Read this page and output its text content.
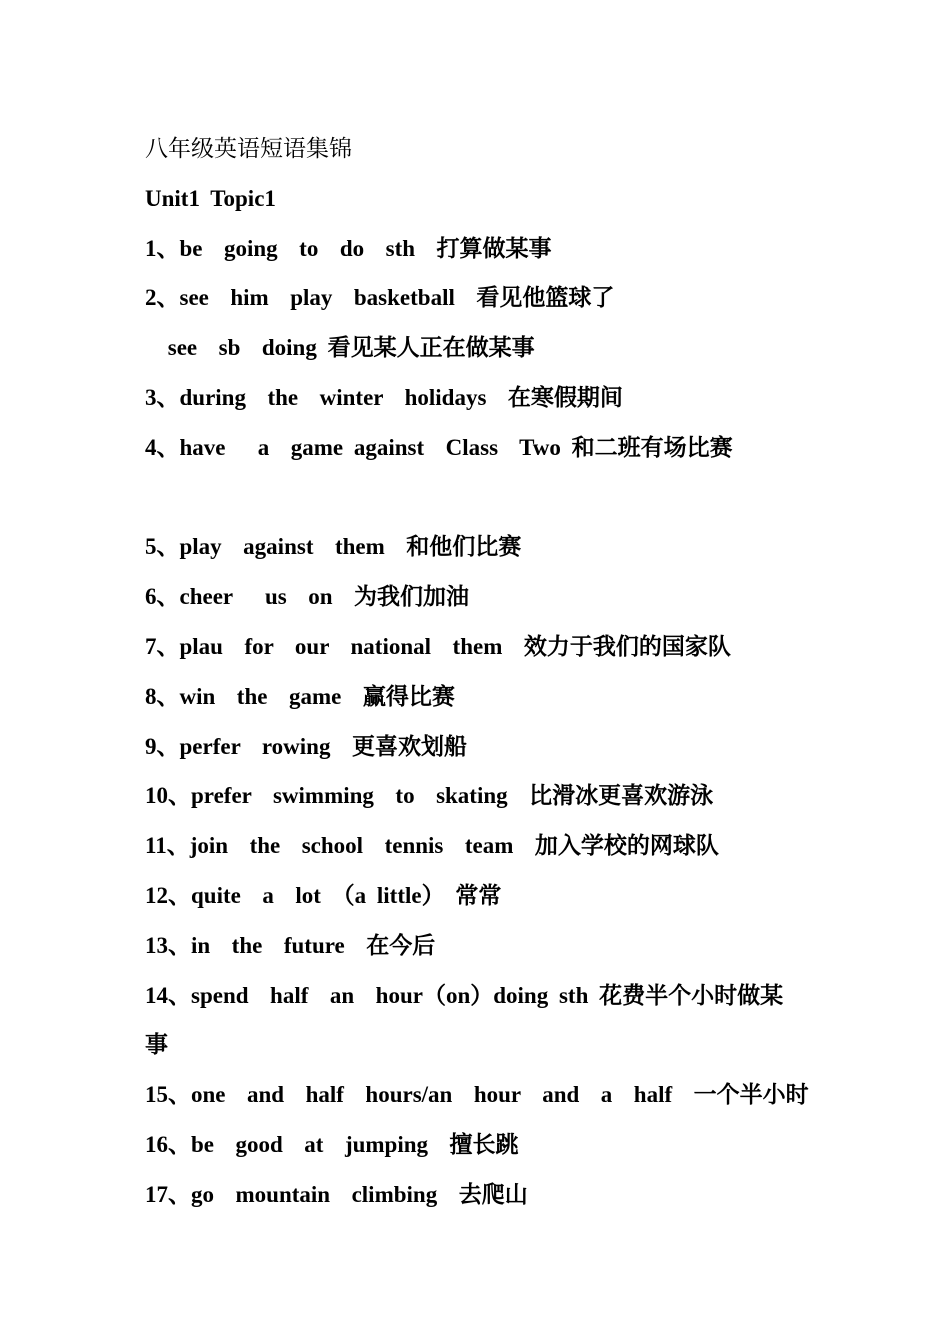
八年级英语短语集锦
Unit1 Topic1
1、be  going  to  do  sth  打算做某事
2、see  him  play  basketball  看见他篮球了
see  sb  doing 看见某人正在做某事
3、during  the  winter  holidays  在寒假期间
4、have   a  game against  Class  Two 和二班有场比赛
5、play  against  them  和他们比赛
6、cheer   us  on  为我们加油
7、plau  for  our  national  them  效力于我们的国家队
8、win  the  game  赢得比赛
9、perfer  rowing  更喜欢划船
10、prefer  swimming  to  skating  比滑冰更喜欢游泳
11、join  the  school  tennis  team  加入学校的网球队
12、quite  a  lot （a little） 常常
13、in  the  future  在今后
14、spend  half  an  hour（on）doing sth 花费半个小时做某
事
15、one  and  half  hours/an  hour  and  a  half  一个半小时
16、be  good  at  jumping  擅长跳
17、go  mountain  climbing  去爬山
